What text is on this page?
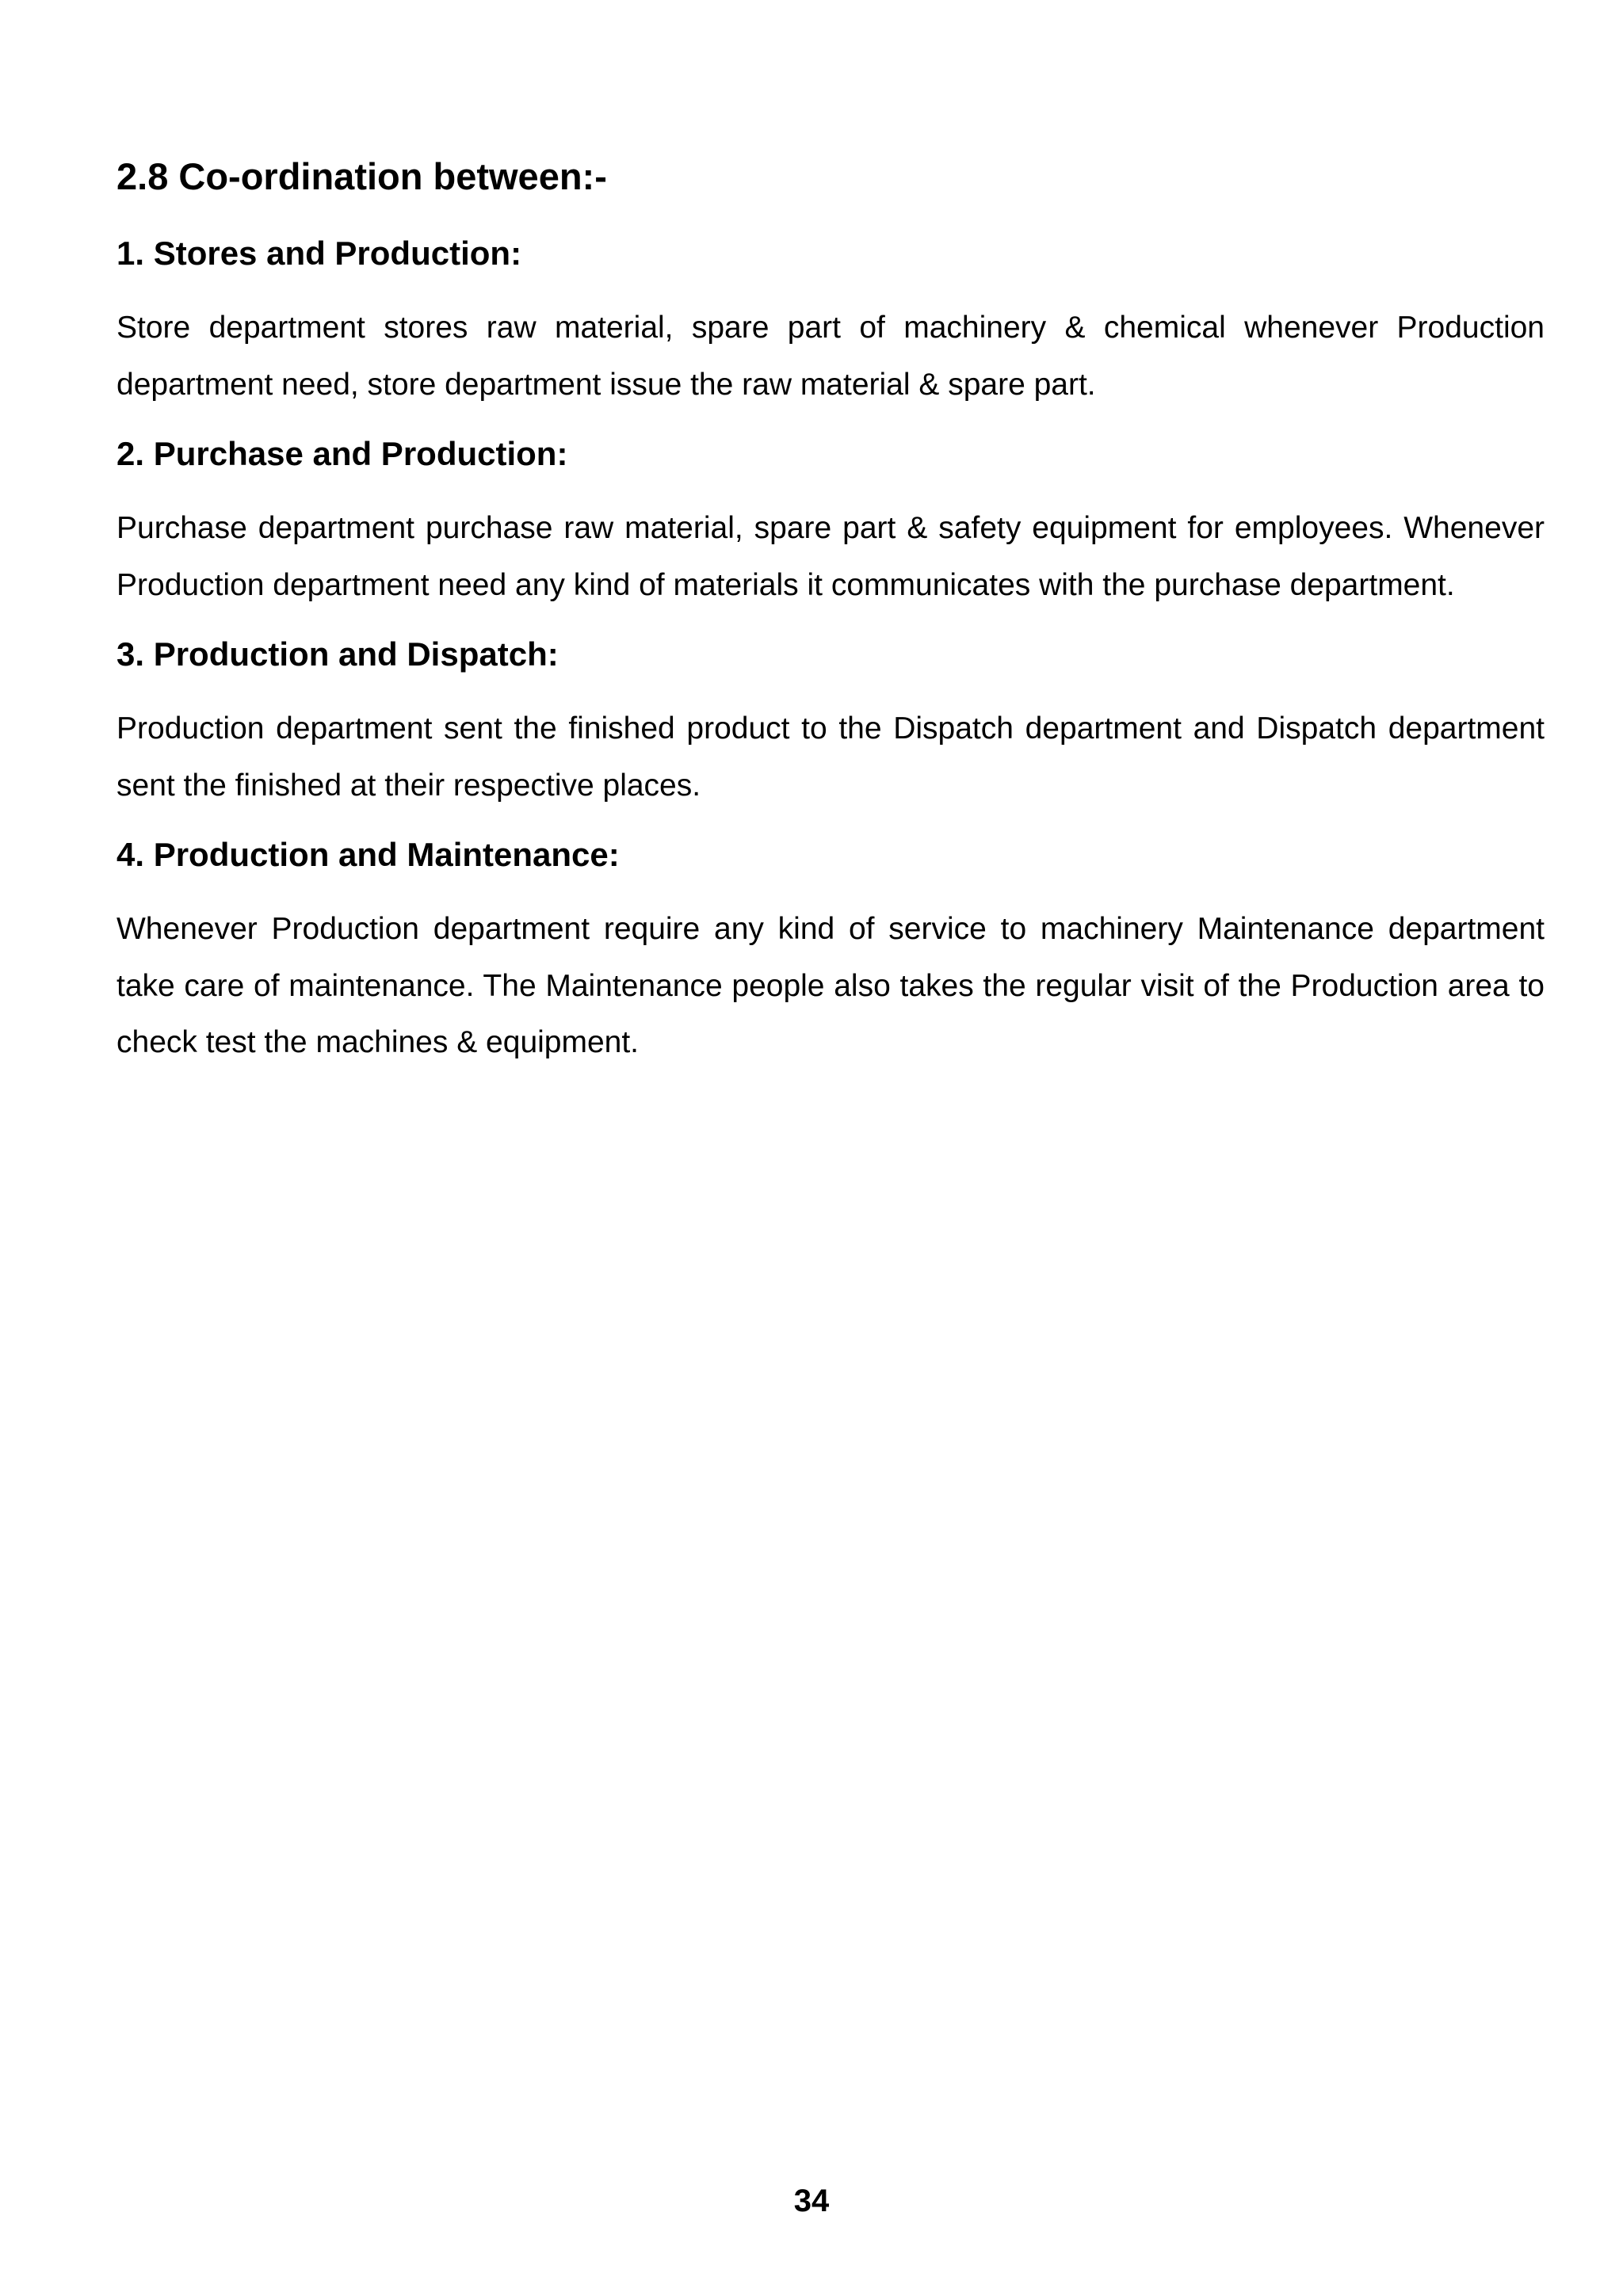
2.8 Co-ordination between:-
1. Stores and Production:
Store department stores raw material, spare part of machinery & chemical whenever Production department need, store department issue the raw material & spare part.
2. Purchase and Production:
Purchase department purchase raw material, spare part & safety equipment for employees. Whenever Production department need any kind of materials it communicates with the purchase department.
3. Production and Dispatch:
Production department sent the finished product to the Dispatch department and Dispatch department sent the finished at their respective places.
4. Production and Maintenance:
Whenever Production department require any kind of service to machinery Maintenance department take care of maintenance. The Maintenance people also takes the regular visit of the Production area to check test the machines & equipment.
34
